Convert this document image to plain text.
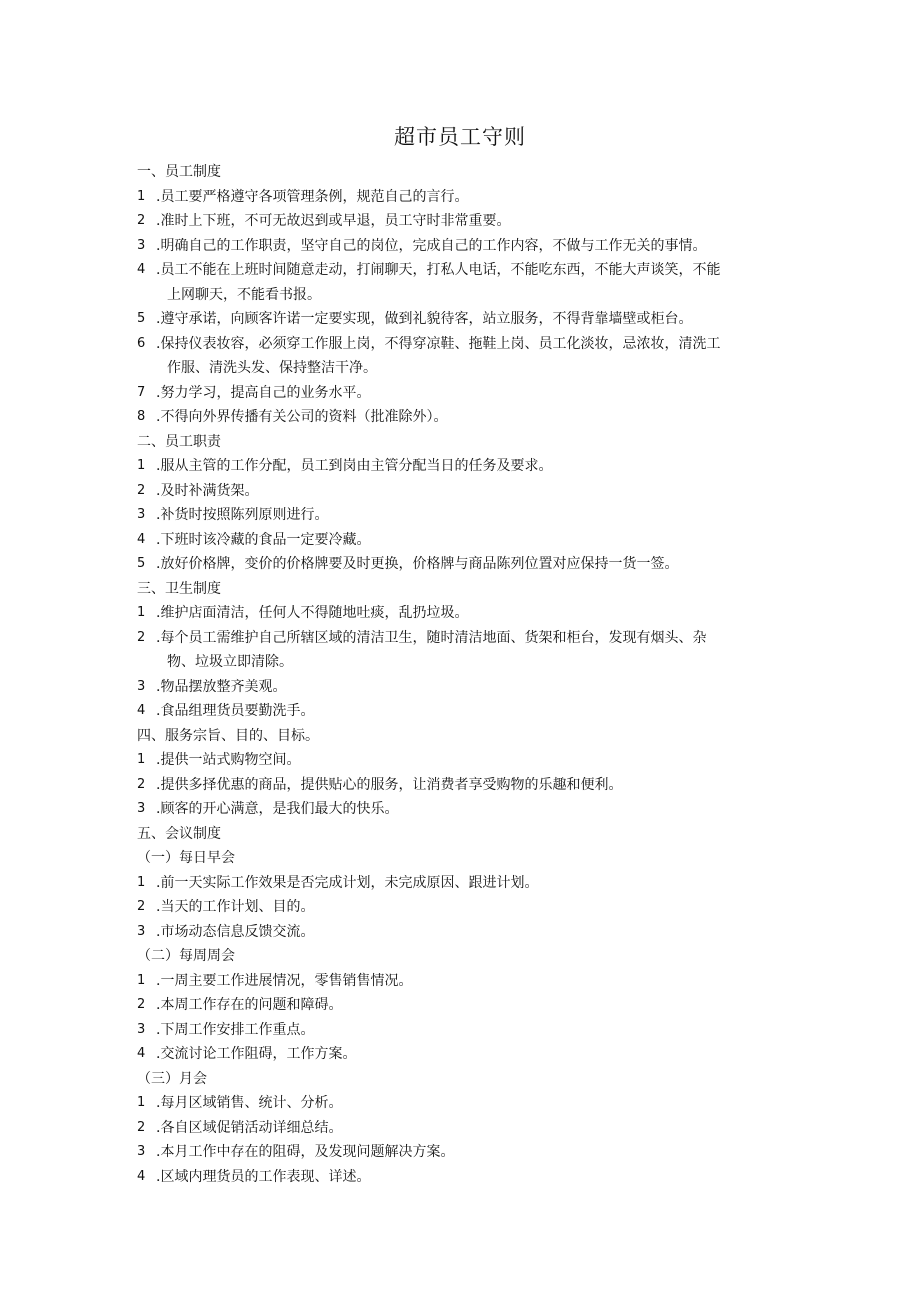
超市员工守则
一、员工制度
1 .员工要严格遵守各项管理条例，规范自己的言行。
2 .准时上下班，不可无故迟到或早退，员工守时非常重要。
3 .明确自己的工作职责，坚守自己的岗位，完成自己的工作内容，不做与工作无关的事情。
4 .员工不能在上班时间随意走动，打闹聊天，打私人电话，不能吃东西，不能大声谈笑，不能
上网聊天，不能看书报。
5 .遵守承诺，向顾客许诺一定要实现，做到礼貌待客，站立服务，不得背靠墙壁或柜台。
6 .保持仪表妆容，必须穿工作服上岗，不得穿凉鞋、拖鞋上岗、员工化淡妆，忌浓妆，清洗工
作服、清洗头发、保持整洁干净。
7 .努力学习，提高自己的业务水平。
8 .不得向外界传播有关公司的资料（批准除外）。
二、员工职责
1 .服从主管的工作分配，员工到岗由主管分配当日的任务及要求。
2 .及时补满货架。
3 .补货时按照陈列原则进行。
4 .下班时该冷藏的食品一定要冷藏。
5 .放好价格牌，变价的价格牌要及时更换，价格牌与商品陈列位置对应保持一货一签。
三、卫生制度
1 .维护店面清洁，任何人不得随地吐痰，乱扔垃圾。
2 .每个员工需维护自己所辖区域的清洁卫生，随时清洁地面、货架和柜台，发现有烟头、杂
物、垃圾立即清除。
3 .物品摆放整齐美观。
4 .食品组理货员要勤洗手。
四、服务宗旨、目的、目标。
1 .提供一站式购物空间。
2 .提供多择优惠的商品，提供贴心的服务，让消费者享受购物的乐趣和便利。
3 .顾客的开心满意，是我们最大的快乐。
五、会议制度
（一）每日早会
1 .前一天实际工作效果是否完成计划，未完成原因、跟进计划。
2 .当天的工作计划、目的。
3 .市场动态信息反馈交流。
（二）每周周会
1 .一周主要工作进展情况，零售销售情况。
2 .本周工作存在的问题和障碍。
3 .下周工作安排工作重点。
4 .交流讨论工作阻碍，工作方案。
（三）月会
1 .每月区域销售、统计、分析。
2 .各自区域促销活动详细总结。
3 .本月工作中存在的阻碍，及发现问题解决方案。
4 .区域内理货员的工作表现、详述。
